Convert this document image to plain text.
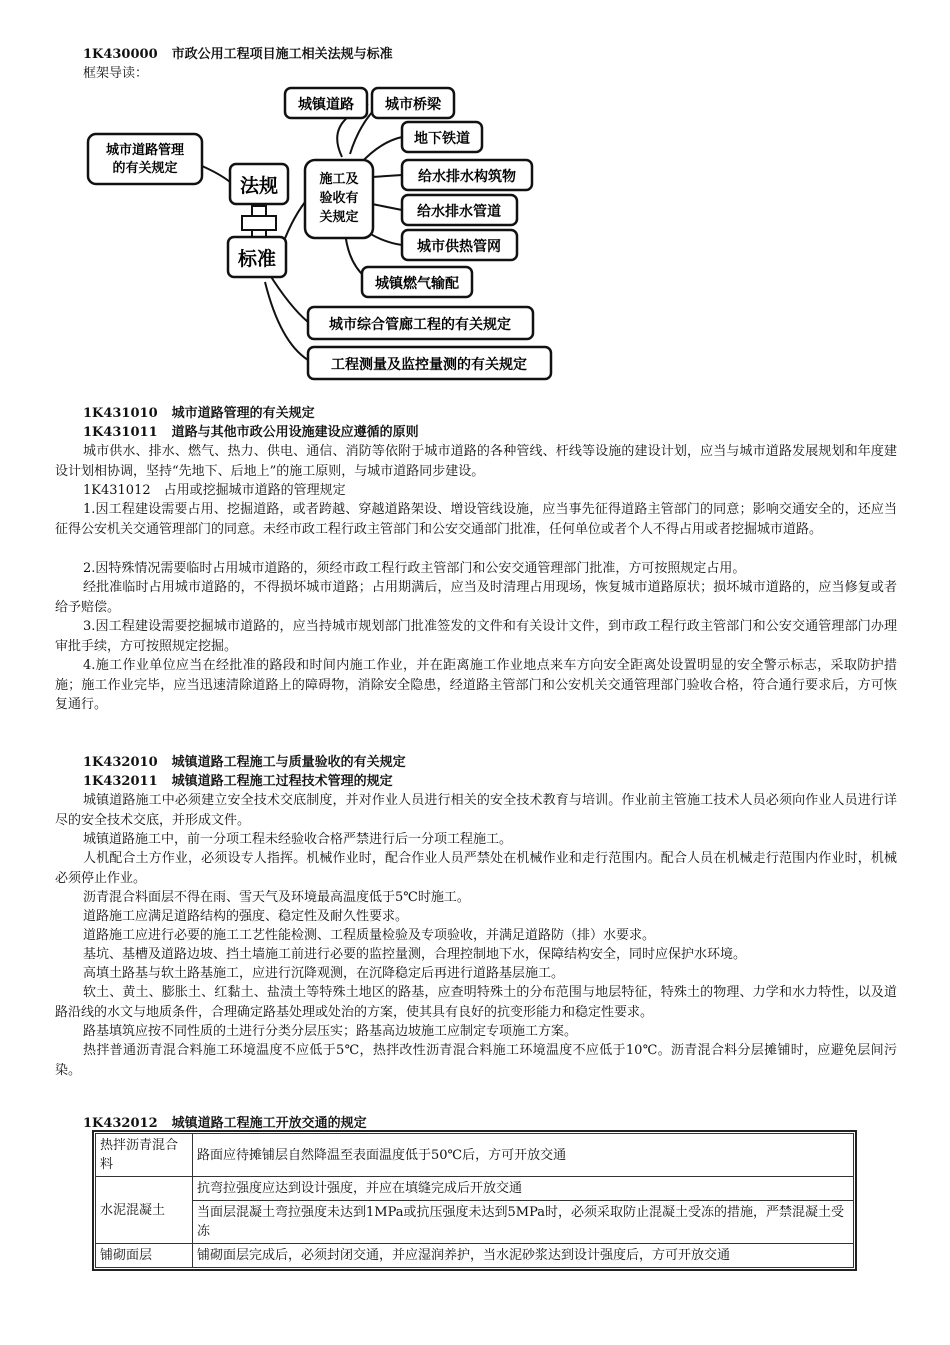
1K430000 市政公用工程项目施工相关法规与标准
框架导读：
城市道路管理
的有关规定
法规
标准
施工及
验收有
关规定
城镇道路 城市桥梁
地下铁道
给水排水构筑物
给水排水管道
城市供热管网
城镇燃气输配
城市综合管廊工程的有关规定
工程测量及监控量测的有关规定
1K431010 城市道路管理的有关规定
1K431011 道路与其他市政公用设施建设应遵循的原则
城市供水、排水、燃气、热力、供电、通信、消防等依附于城市道路的各种管线、杆线等设施的建设计划，应当与城市道路发展规划和年度建设计划相协调，坚持“先地下、后地上”的施工原则，与城市道路同步建设。
1K431012　占用或挖掘城市道路的管理规定
1.因工程建设需要占用、挖掘道路，或者跨越、穿越道路架设、增设管线设施，应当事先征得道路主管部门的同意；影响交通安全的，还应当征得公安机关交通管理部门的同意。未经市政工程行政主管部门和公安交通部门批准，任何单位或者个人不得占用或者挖掘城市道路。
2.因特殊情况需要临时占用城市道路的，须经市政工程行政主管部门和公安交通管理部门批准，方可按照规定占用。
经批准临时占用城市道路的，不得损坏城市道路；占用期满后，应当及时清理占用现场，恢复城市道路原状；损坏城市道路的，应当修复或者给予赔偿。
3.因工程建设需要挖掘城市道路的，应当持城市规划部门批准签发的文件和有关设计文件，到市政工程行政主管部门和公安交通管理部门办理审批手续，方可按照规定挖掘。
4.施工作业单位应当在经批准的路段和时间内施工作业，并在距离施工作业地点来车方向安全距离处设置明显的安全警示标志，采取防护措施；施工作业完毕，应当迅速清除道路上的障碍物，消除安全隐患，经道路主管部门和公安机关交通管理部门验收合格，符合通行要求后，方可恢复通行。
1K432010 城镇道路工程施工与质量验收的有关规定
1K432011 城镇道路工程施工过程技术管理的规定
城镇道路施工中必须建立安全技术交底制度，并对作业人员进行相关的安全技术教育与培训。作业前主管施工技术人员必须向作业人员进行详尽的安全技术交底，并形成文件。
城镇道路施工中，前一分项工程未经验收合格严禁进行后一分项工程施工。
人机配合土方作业，必须设专人指挥。机械作业时，配合作业人员严禁处在机械作业和走行范围内。配合人员在机械走行范围内作业时，机械必须停止作业。
沥青混合料面层不得在雨、雪天气及环境最高温度低于5℃时施工。
道路施工应满足道路结构的强度、稳定性及耐久性要求。
道路施工应进行必要的施工工艺性能检测、工程质量检验及专项验收，并满足道路防（排）水要求。
基坑、基槽及道路边坡、挡土墙施工前进行必要的监控量测，合理控制地下水，保障结构安全，同时应保护水环境。
高填土路基与软土路基施工，应进行沉降观测，在沉降稳定后再进行道路基层施工。
软土、黄土、膨胀土、红黏土、盐渍土等特殊土地区的路基，应查明特殊土的分布范围与地层特征，特殊土的物理、力学和水力特性，以及道路沿线的水文与地质条件，合理确定路基处理或处治的方案，使其具有良好的抗变形能力和稳定性要求。
路基填筑应按不同性质的土进行分类分层压实；路基高边坡施工应制定专项施工方案。
热拌普通沥青混合料施工环境温度不应低于5℃，热拌改性沥青混合料施工环境温度不应低于10℃。沥青混合料分层摊铺时，应避免层间污染。
1K432012 城镇道路工程施工开放交通的规定
热拌沥青混合料	路面应待摊铺层自然降温至表面温度低于50℃后，方可开放交通
水泥混凝土	抗弯拉强度应达到设计强度，并应在填缝完成后开放交通
	当面层混凝土弯拉强度未达到1MPa或抗压强度未达到5MPa时，必须采取防止混凝土受冻的措施，严禁混凝土受冻
铺砌面层	铺砌面层完成后，必须封闭交通，并应湿润养护，当水泥砂浆达到设计强度后，方可开放交通
